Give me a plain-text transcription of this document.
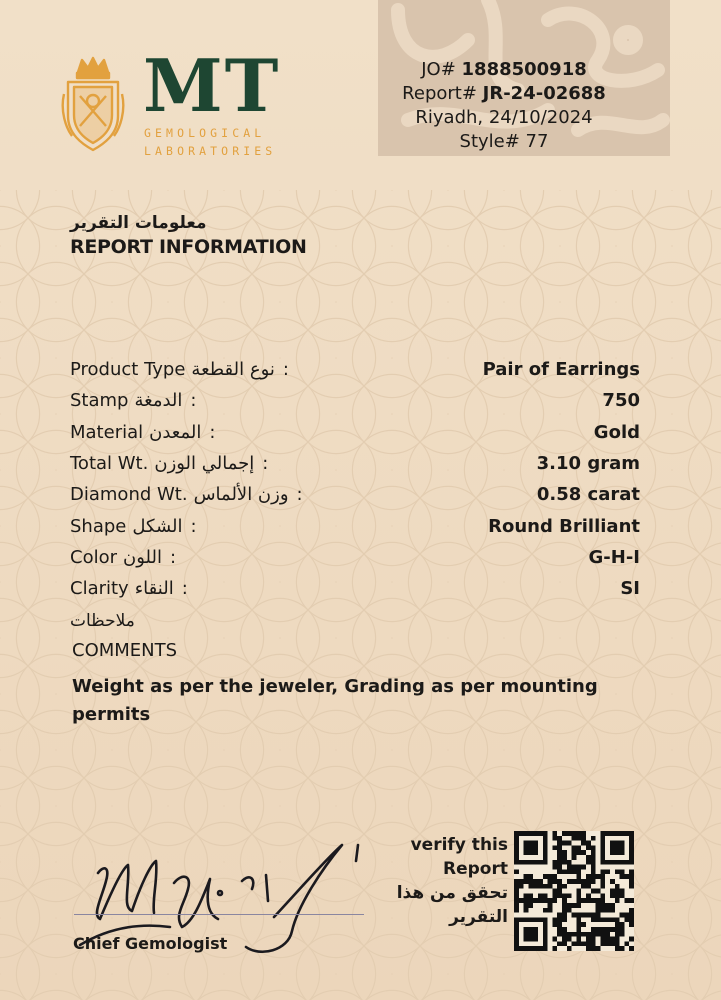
MT
GEMOLOGICAL
LABORATORIES
JO# 1888500918
Report# JR-24-02688
Riyadh, 24/10/2024
Style# 77
معلومات التقرير
REPORT INFORMATION
Product Type نوع القطعة :	Pair of Earrings
Stamp الدمغة :	750
Material المعدن :	Gold
Total Wt. إجمالي الوزن :	3.10 gram
Diamond Wt. وزن الألماس :	0.58 carat
Shape الشكل :	Round Brilliant
Color اللون :	G-H-I
Clarity النقاء :	SI
ملاحظات
COMMENTS
Weight as per the jeweler, Grading as per mounting permits
Chief Gemologist
verify this
Report
تحقق من هذا
التقرير
